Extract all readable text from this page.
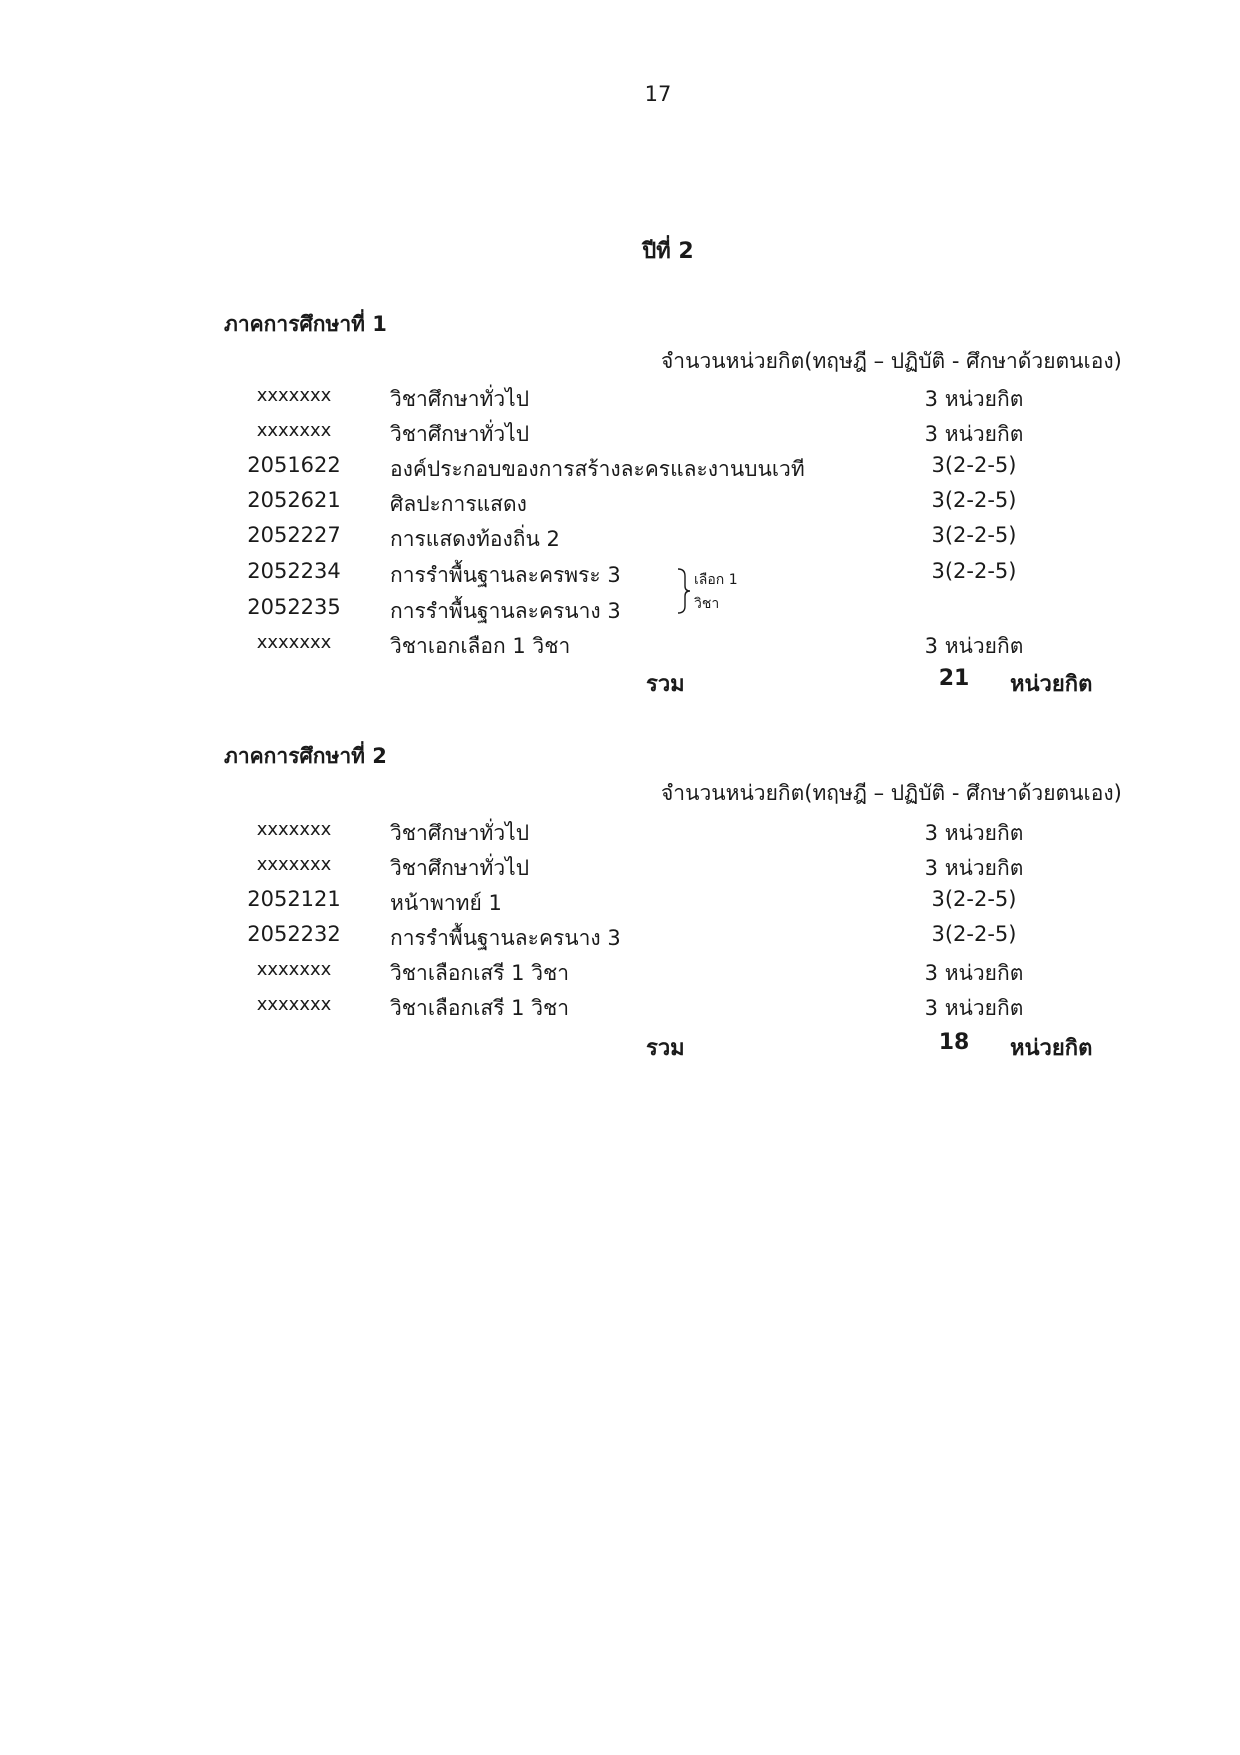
17
ปีที่ 2
ภาคการศึกษาที่ 1
จำนวนหน่วยกิต(ทฤษฎี – ปฏิบัติ - ศึกษาด้วยตนเอง)
xxxxxxx	วิชาศึกษาทั่วไป	3 หน่วยกิต
xxxxxxx	วิชาศึกษาทั่วไป	3 หน่วยกิต
2051622	องค์ประกอบของการสร้างละครและงานบนเวที	3(2-2-5)
2052621	ศิลปะการแสดง	3(2-2-5)
2052227	การแสดงท้องถิ่น 2	3(2-2-5)
2052234	การรำพื้นฐานละครพระ 3	3(2-2-5)
2052235	การรำพื้นฐานละครนาง 3
เลือก 1
วิชา
xxxxxxx	วิชาเอกเลือก 1 วิชา	3 หน่วยกิต
รวม	21	หน่วยกิต
ภาคการศึกษาที่ 2
จำนวนหน่วยกิต(ทฤษฎี – ปฏิบัติ - ศึกษาด้วยตนเอง)
xxxxxxx	วิชาศึกษาทั่วไป	3 หน่วยกิต
xxxxxxx	วิชาศึกษาทั่วไป	3 หน่วยกิต
2052121	หน้าพาทย์ 1	3(2-2-5)
2052232	การรำพื้นฐานละครนาง 3	3(2-2-5)
xxxxxxx	วิชาเลือกเสรี 1 วิชา	3 หน่วยกิต
xxxxxxx	วิชาเลือกเสรี 1 วิชา	3 หน่วยกิต
รวม	18	หน่วยกิต
